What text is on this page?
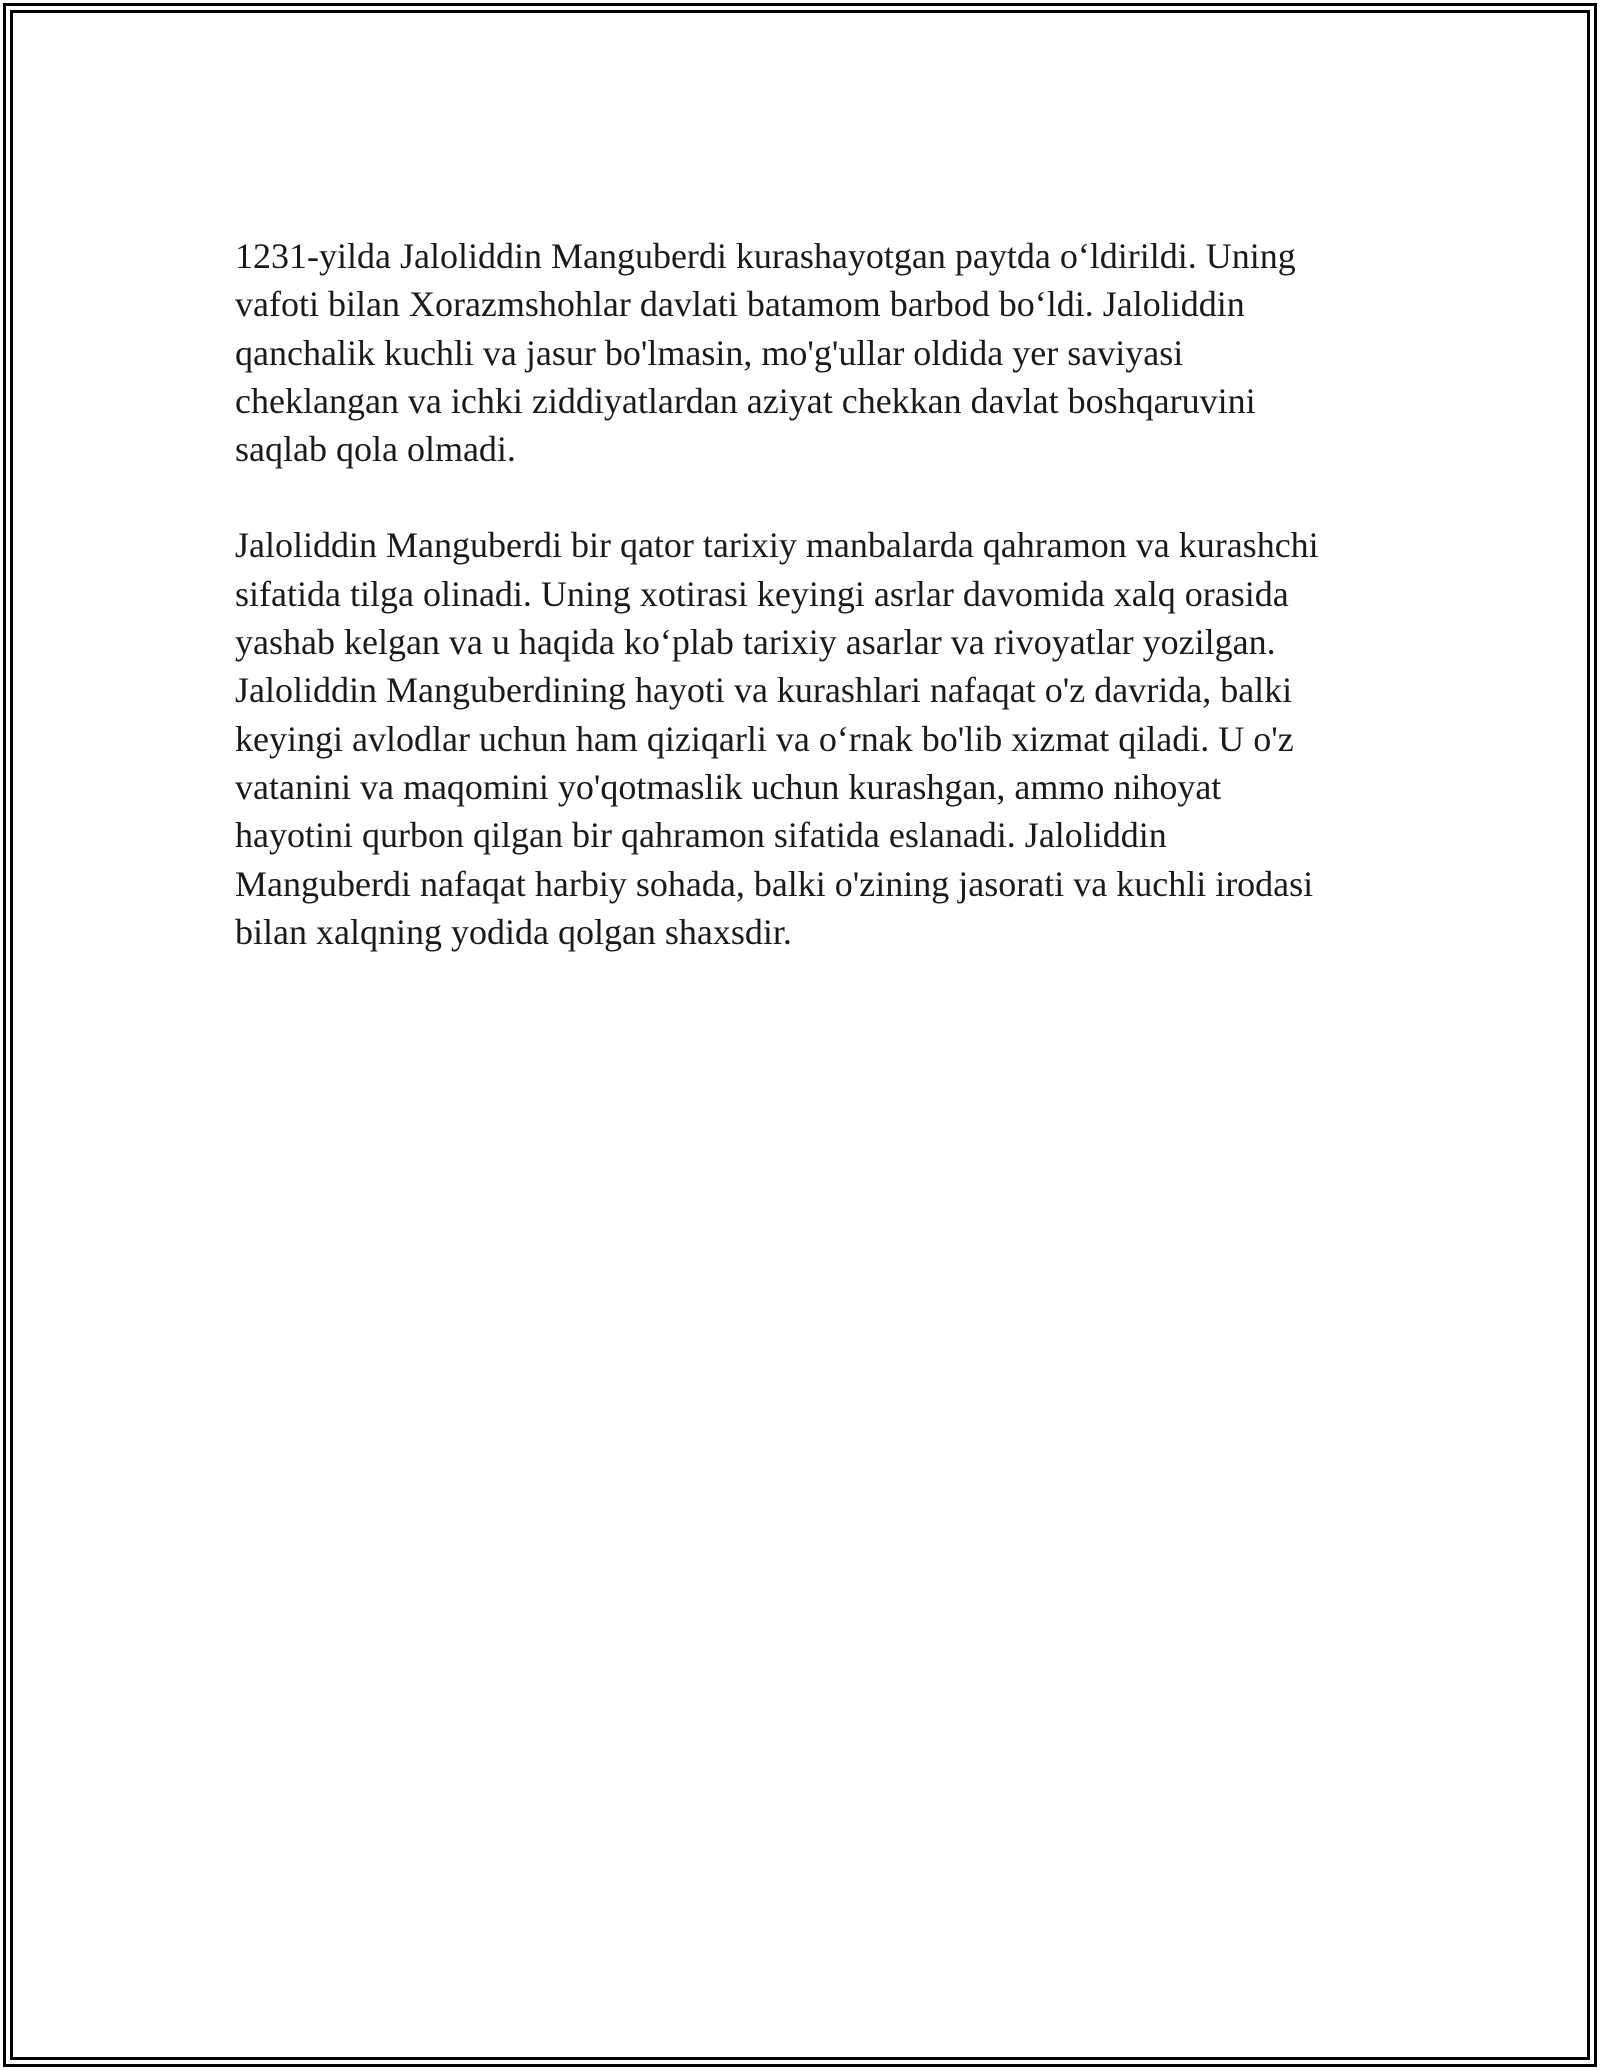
1231-yilda Jaloliddin Manguberdi kurashayotgan paytda o‘ldirildi. Uning
vafoti bilan Xorazmshohlar davlati batamom barbod bo‘ldi. Jaloliddin
qanchalik kuchli va jasur bo'lmasin, mo'g'ullar oldida yer saviyasi
cheklangan va ichki ziddiyatlardan aziyat chekkan davlat boshqaruvini
saqlab qola olmadi.

Jaloliddin Manguberdi bir qator tarixiy manbalarda qahramon va kurashchi
sifatida tilga olinadi. Uning xotirasi keyingi asrlar davomida xalq orasida
yashab kelgan va u haqida ko‘plab tarixiy asarlar va rivoyatlar yozilgan.
Jaloliddin Manguberdining hayoti va kurashlari nafaqat o'z davrida, balki
keyingi avlodlar uchun ham qiziqarli va o‘rnak bo'lib xizmat qiladi. U o'z
vatanini va maqomini yo'qotmaslik uchun kurashgan, ammo nihoyat
hayotini qurbon qilgan bir qahramon sifatida eslanadi. Jaloliddin
Manguberdi nafaqat harbiy sohada, balki o'zining jasorati va kuchli irodasi
bilan xalqning yodida qolgan shaxsdir.
